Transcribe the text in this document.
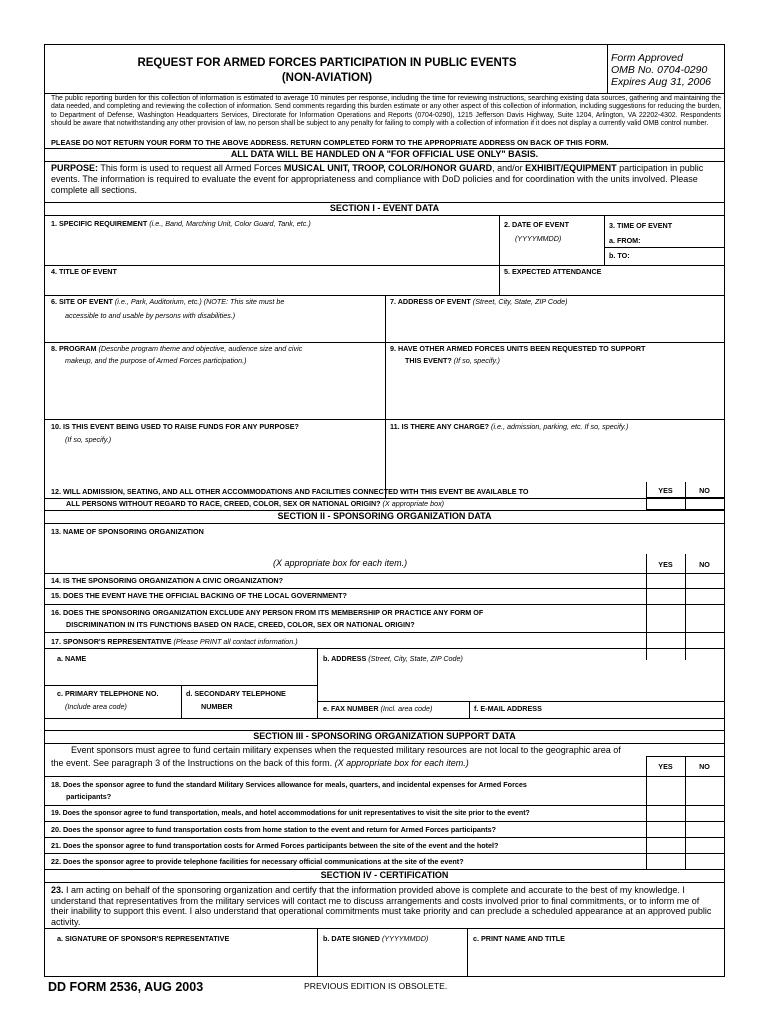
REQUEST FOR ARMED FORCES PARTICIPATION IN PUBLIC EVENTS
(NON-AVIATION)
Form Approved
OMB No. 0704-0290
Expires Aug 31, 2006
The public reporting burden for this collection of information is estimated to average 10 minutes per response, including the time for reviewing instructions, searching existing data sources, gathering and maintaining the data needed, and completing and reviewing the collection of information. Send comments regarding this burden estimate or any other aspect of this collection of information, including suggestions for reducing the burden, to Department of Defense, Washington Headquarters Services, Directorate for Information Operations and Reports (0704-0290), 1215 Jefferson Davis Highway, Suite 1204, Arlington, VA 22202-4302. Respondents should be aware that notwithstanding any other provision of law, no person shall be subject to any penalty for failing to comply with a collection of information if it does not display a currently valid OMB control number.
PLEASE DO NOT RETURN YOUR FORM TO THE ABOVE ADDRESS. RETURN COMPLETED FORM TO THE APPROPRIATE ADDRESS ON BACK OF THIS FORM.
ALL DATA WILL BE HANDLED ON A "FOR OFFICIAL USE ONLY" BASIS.
PURPOSE: This form is used to request all Armed Forces MUSICAL UNIT, TROOP, COLOR/HONOR GUARD, and/or EXHIBIT/EQUIPMENT participation in public events. The information is required to evaluate the event for appropriateness and compliance with DoD policies and for coordination with the units involved. Please complete all sections.
SECTION I - EVENT DATA
1. SPECIFIC REQUIREMENT (i.e., Band, Marching Unit, Color Guard, Tank, etc.)	2. DATE OF EVENT
(YYYYMMDD)
3. TIME OF EVENT
a. FROM:
b. TO:
4. TITLE OF EVENT	5. EXPECTED ATTENDANCE
6. SITE OF EVENT (i.e., Park, Auditorium, etc.) (NOTE: This site must be
accessible to and usable by persons with disabilities.)
7. ADDRESS OF EVENT (Street, City, State, ZIP Code)
8. PROGRAM (Describe program theme and objective, audience size and civic
makeup, and the purpose of Armed Forces participation.)
9. HAVE OTHER ARMED FORCES UNITS BEEN REQUESTED TO SUPPORT
THIS EVENT? (If so, specify.)
10. IS THIS EVENT BEING USED TO RAISE FUNDS FOR ANY PURPOSE?
(If so, specify.)
11. IS THERE ANY CHARGE? (i.e., admission, parking, etc. If so, specify.)
12. WILL ADMISSION, SEATING, AND ALL OTHER ACCOMMODATIONS AND FACILITIES CONNECTED WITH THIS EVENT BE AVAILABLE TO
ALL PERSONS WITHOUT REGARD TO RACE, CREED, COLOR, SEX OR NATIONAL ORIGIN? (X appropriate box)
YES	NO
SECTION II - SPONSORING ORGANIZATION DATA
13. NAME OF SPONSORING ORGANIZATION
(X appropriate box for each item.)	YES	NO
14. IS THE SPONSORING ORGANIZATION A CIVIC ORGANIZATION?
15. DOES THE EVENT HAVE THE OFFICIAL BACKING OF THE LOCAL GOVERNMENT?
16. DOES THE SPONSORING ORGANIZATION EXCLUDE ANY PERSON FROM ITS MEMBERSHIP OR PRACTICE ANY FORM OF
DISCRIMINATION IN ITS FUNCTIONS BASED ON RACE, CREED, COLOR, SEX OR NATIONAL ORIGIN?
17. SPONSOR'S REPRESENTATIVE (Please PRINT all contact information.)
a. NAME	b. ADDRESS (Street, City, State, ZIP Code)
c. PRIMARY TELEPHONE NO.
(Include area code)
d. SECONDARY TELEPHONE
NUMBER	e. FAX NUMBER (Incl. area code)	f. E-MAIL ADDRESS
SECTION III - SPONSORING ORGANIZATION SUPPORT DATA
Event sponsors must agree to fund certain military expenses when the requested military resources are not local to the geographic area of
the event. See paragraph 3 of the Instructions on the back of this form. (X appropriate box for each item.)	YES	NO
18. Does the sponsor agree to fund the standard Military Services allowance for meals, quarters, and incidental expenses for Armed Forces
participants?
19. Does the sponsor agree to fund transportation, meals, and hotel accommodations for unit representatives to visit the site prior to the event?
20. Does the sponsor agree to fund transportation costs from home station to the event and return for Armed Forces participants?
21. Does the sponsor agree to fund transportation costs for Armed Forces participants between the site of the event and the hotel?
22. Does the sponsor agree to provide telephone facilities for necessary official communications at the site of the event?
SECTION IV - CERTIFICATION
23. I am acting on behalf of the sponsoring organization and certify that the information provided above is complete and accurate to the best of my knowledge. I understand that representatives from the military services will contact me to discuss arrangements and costs involved prior to final commitments, or to inform me of their inability to support this event. I also understand that operational commitments must take priority and can preclude a scheduled appearance at an approved public activity.
a. SIGNATURE OF SPONSOR'S REPRESENTATIVE	b. DATE SIGNED (YYYYMMDD)	c. PRINT NAME AND TITLE
DD FORM 2536, AUG 2003	PREVIOUS EDITION IS OBSOLETE.
